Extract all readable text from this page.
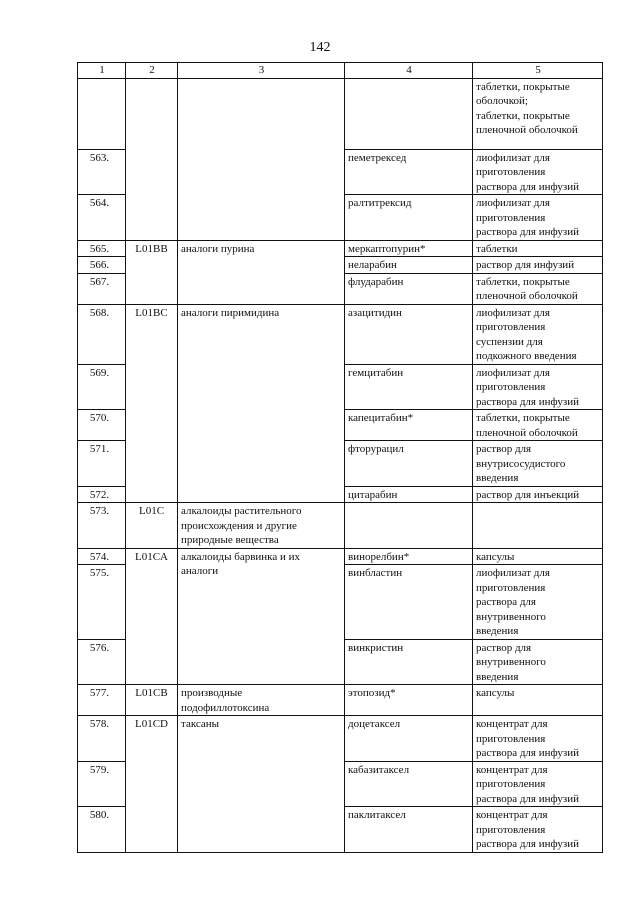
142
1	2	3	4	5
				таблетки, покрытые
оболочкой;
таблетки, покрытые
пленочной оболочкой
563.			пеметрексед	лиофилизат для
приготовления
раствора для инфузий
564.			ралтитрексид	лиофилизат для
приготовления
раствора для инфузий
565.	L01BB	аналоги пурина	меркаптопурин*	таблетки
566.			неларабин	раствор для инфузий
567.			флударабин	таблетки, покрытые
пленочной оболочкой
568.	L01BC	аналоги пиримидина	азацитидин	лиофилизат для
приготовления
суспензии для
подкожного введения
569.			гемцитабин	лиофилизат для
приготовления
раствора для инфузий
570.			капецитабин*	таблетки, покрытые
пленочной оболочкой
571.			фторурацил	раствор для
внутрисосудистого
введения
572.			цитарабин	раствор для инъекций
573.	L01C	алкалоиды растительного
происхождения и другие
природные вещества		
574.	L01CA	алкалоиды барвинка и их
аналоги	винорелбин*	капсулы
575.			винбластин	лиофилизат для
приготовления
раствора для
внутривенного
введения
576.			винкристин	раствор для
внутривенного
введения
577.	L01CB	производные
подофиллотоксина	этопозид*	капсулы
578.	L01CD	таксаны	доцетаксел	концентрат для
приготовления
раствора для инфузий
579.			кабазитаксел	концентрат для
приготовления
раствора для инфузий
580.			паклитаксел	концентрат для
приготовления
раствора для инфузий
